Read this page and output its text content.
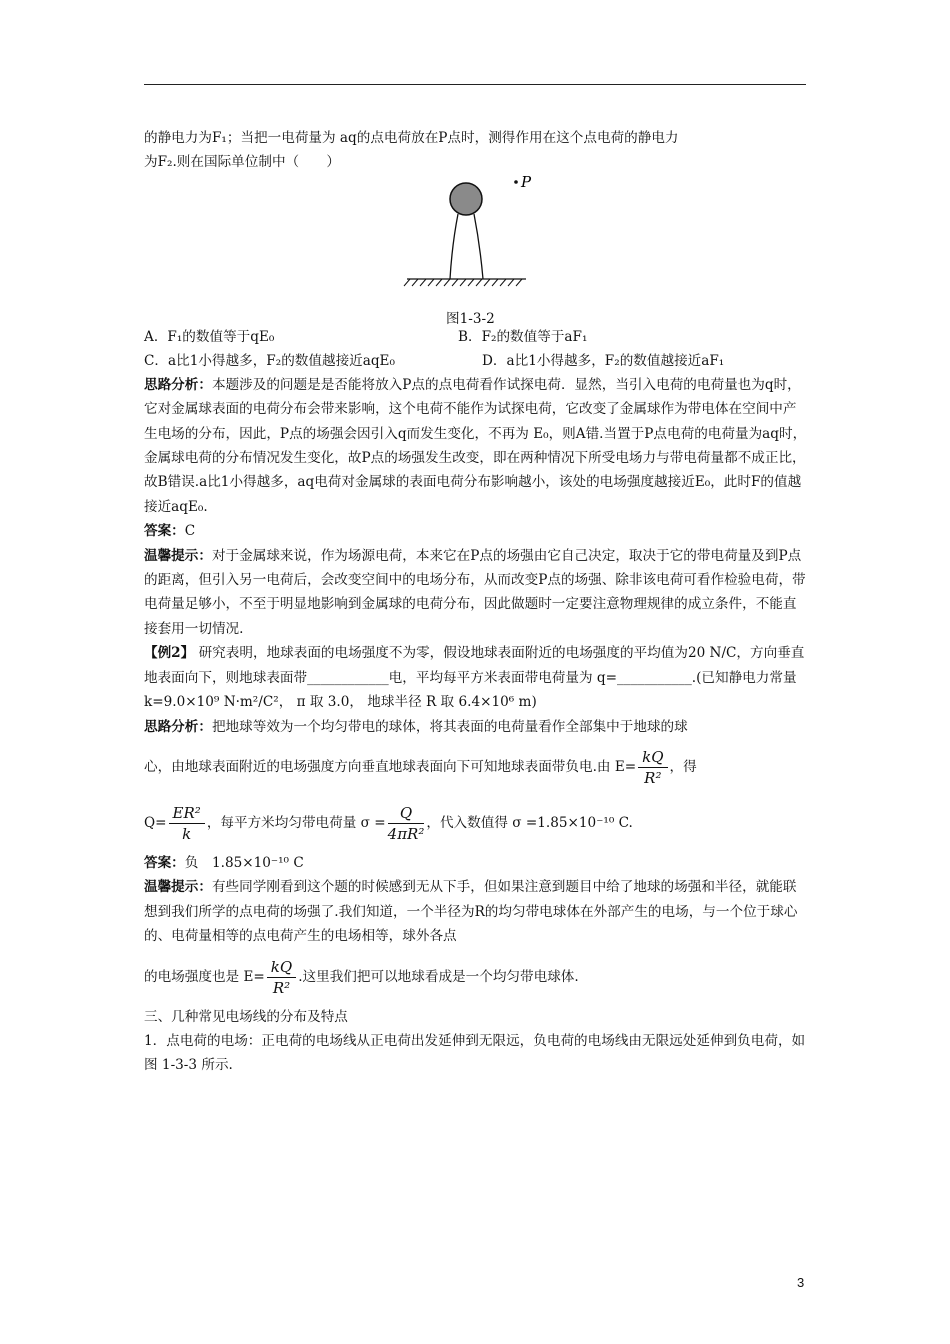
的静电力为F₁；当把一电荷量为 aq的点电荷放在P点时，测得作用在这个点电荷的静电力

为F₂.则在国际单位制中（　　）

P
图1-3-2
A．F₁的数值等于qE₀	B．F₂的数值等于aF₁
C．a比1小得越多，F₂的数值越接近aqE₀	D．a比1小得越多，F₂的数值越接近aF₁

思路分析：本题涉及的问题是是否能将放入P点的点电荷看作试探电荷．显然，当引入电荷的电荷量也为q时，它对金属球表面的电荷分布会带来影响，这个电荷不能作为试探电荷，它改变了金属球作为带电体在空间中产生电场的分布，因此，P点的场强会因引入q而发生变化，不再为 E₀，则A错.当置于P点电荷的电荷量为aq时，金属球电荷的分布情况发生变化，故P点的场强发生改变，即在两种情况下所受电场力与带电荷量都不成正比，故B错误.a比1小得越多，aq电荷对金属球的表面电荷分布影响越小，该处的电场强度越接近E₀，此时F的值越接近aqE₀.

答案：C

温馨提示：对于金属球来说，作为场源电荷，本来它在P点的场强由它自己决定，取决于它的带电荷量及到P点的距离，但引入另一电荷后，会改变空间中的电场分布，从而改变P点的场强、除非该电荷可看作检验电荷，带电荷量足够小，不至于明显地影响到金属球的电荷分布，因此做题时一定要注意物理规律的成立条件，不能直接套用一切情况.

【例2】 研究表明，地球表面的电场强度不为零，假设地球表面附近的电场强度的平均值为20 N/C，方向垂直地表面向下，则地球表面带____________电，平均每平方米表面带电荷量为 q=___________.(已知静电力常量 k=9.0×10⁹ N·m²/C²， π 取 3.0， 地球半径 R 取 6.4×10⁶ m)

思路分析：把地球等效为一个均匀带电的球体，将其表面的电荷量看作全部集中于地球的球

心，由地球表面附近的电场强度方向垂直地球表面向下可知地球表面带负电.由 $E= \frac{kQ}{\text{R²}}$ ，得

$Q= \frac{\text{ER²}}{k}$ ，每平方米均匀带电荷量 $\sigma = \frac{Q}{\text{4πR²}}$ ，代入数值得 σ =1.85×10⁻¹⁰ C.

答案：负　1.85×10⁻¹⁰ C

温馨提示：有些同学刚看到这个题的时候感到无从下手，但如果注意到题目中给了地球的场强和半径，就能联想到我们所学的点电荷的场强了.我们知道，一个半径为R的均匀带电球体在外部产生的电场，与一个位于球心的、电荷量相等的点电荷产生的电场相等，球外各点

的电场强度也是 $E= \frac{kQ}{\text{R²}}$ .这里我们把可以地球看成是一个均匀带电球体.

三、几种常见电场线的分布及特点

1．点电荷的电场：正电荷的电场线从正电荷出发延伸到无限远，负电荷的电场线由无限远处延伸到负电荷，如图 1-3-3 所示.

3
